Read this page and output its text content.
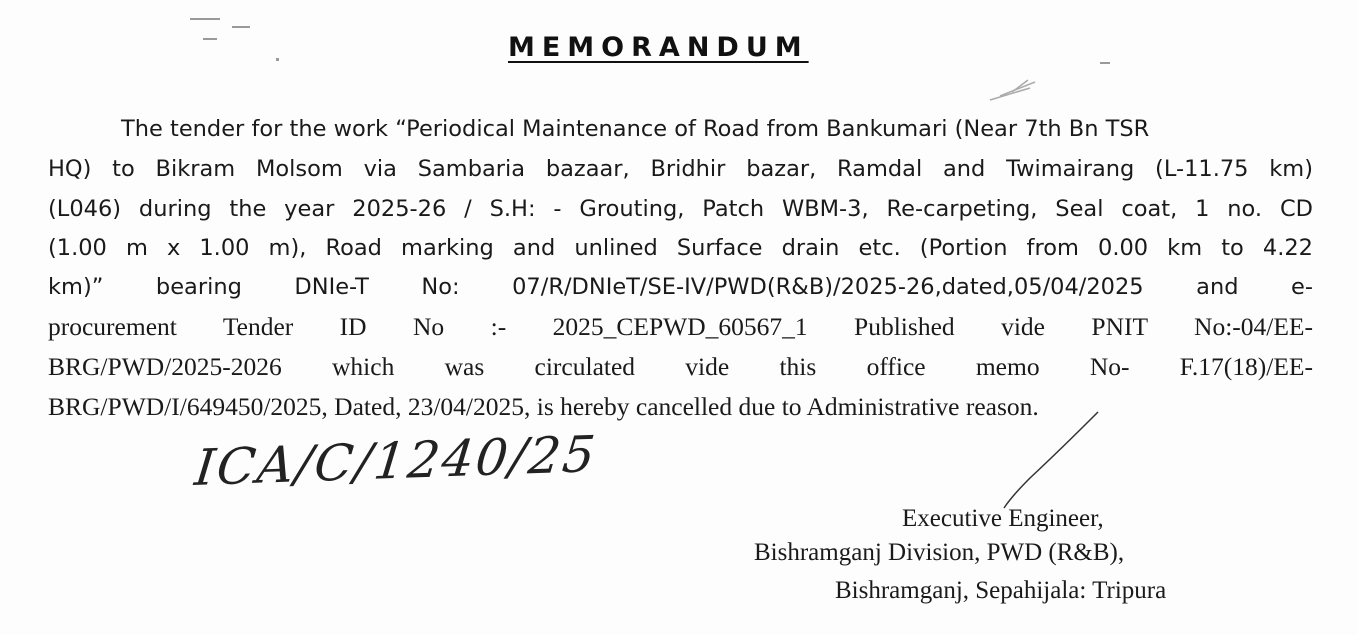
MEMORANDUM
The tender for the work “Periodical Maintenance of Road from Bankumari (Near 7th Bn TSR
HQ) to Bikram Molsom via Sambaria bazaar, Bridhir bazar, Ramdal and Twimairang (L-11.75 km)
(L046) during the year 2025-26 / S.H: - Grouting, Patch WBM-3, Re-carpeting, Seal coat, 1 no. CD
(1.00 m x 1.00 m), Road marking and unlined Surface drain etc. (Portion from 0.00 km to 4.22
km)” bearing DNIe-T No: 07/R/DNIeT/SE-IV/PWD(R&B)/2025-26,dated,05/04/2025 and e-
procurement Tender ID No :- 2025_CEPWD_60567_1 Published vide PNIT No:-04/EE-
BRG/PWD/2025-2026 which was circulated vide this office memo No- F.17(18)/EE-
BRG/PWD/I/649450/2025, Dated, 23/04/2025, is hereby cancelled due to Administrative reason.
ICA/C/1240/25
Executive Engineer,
Bishramganj Division, PWD (R&B),
Bishramganj, Sepahijala: Tripura
